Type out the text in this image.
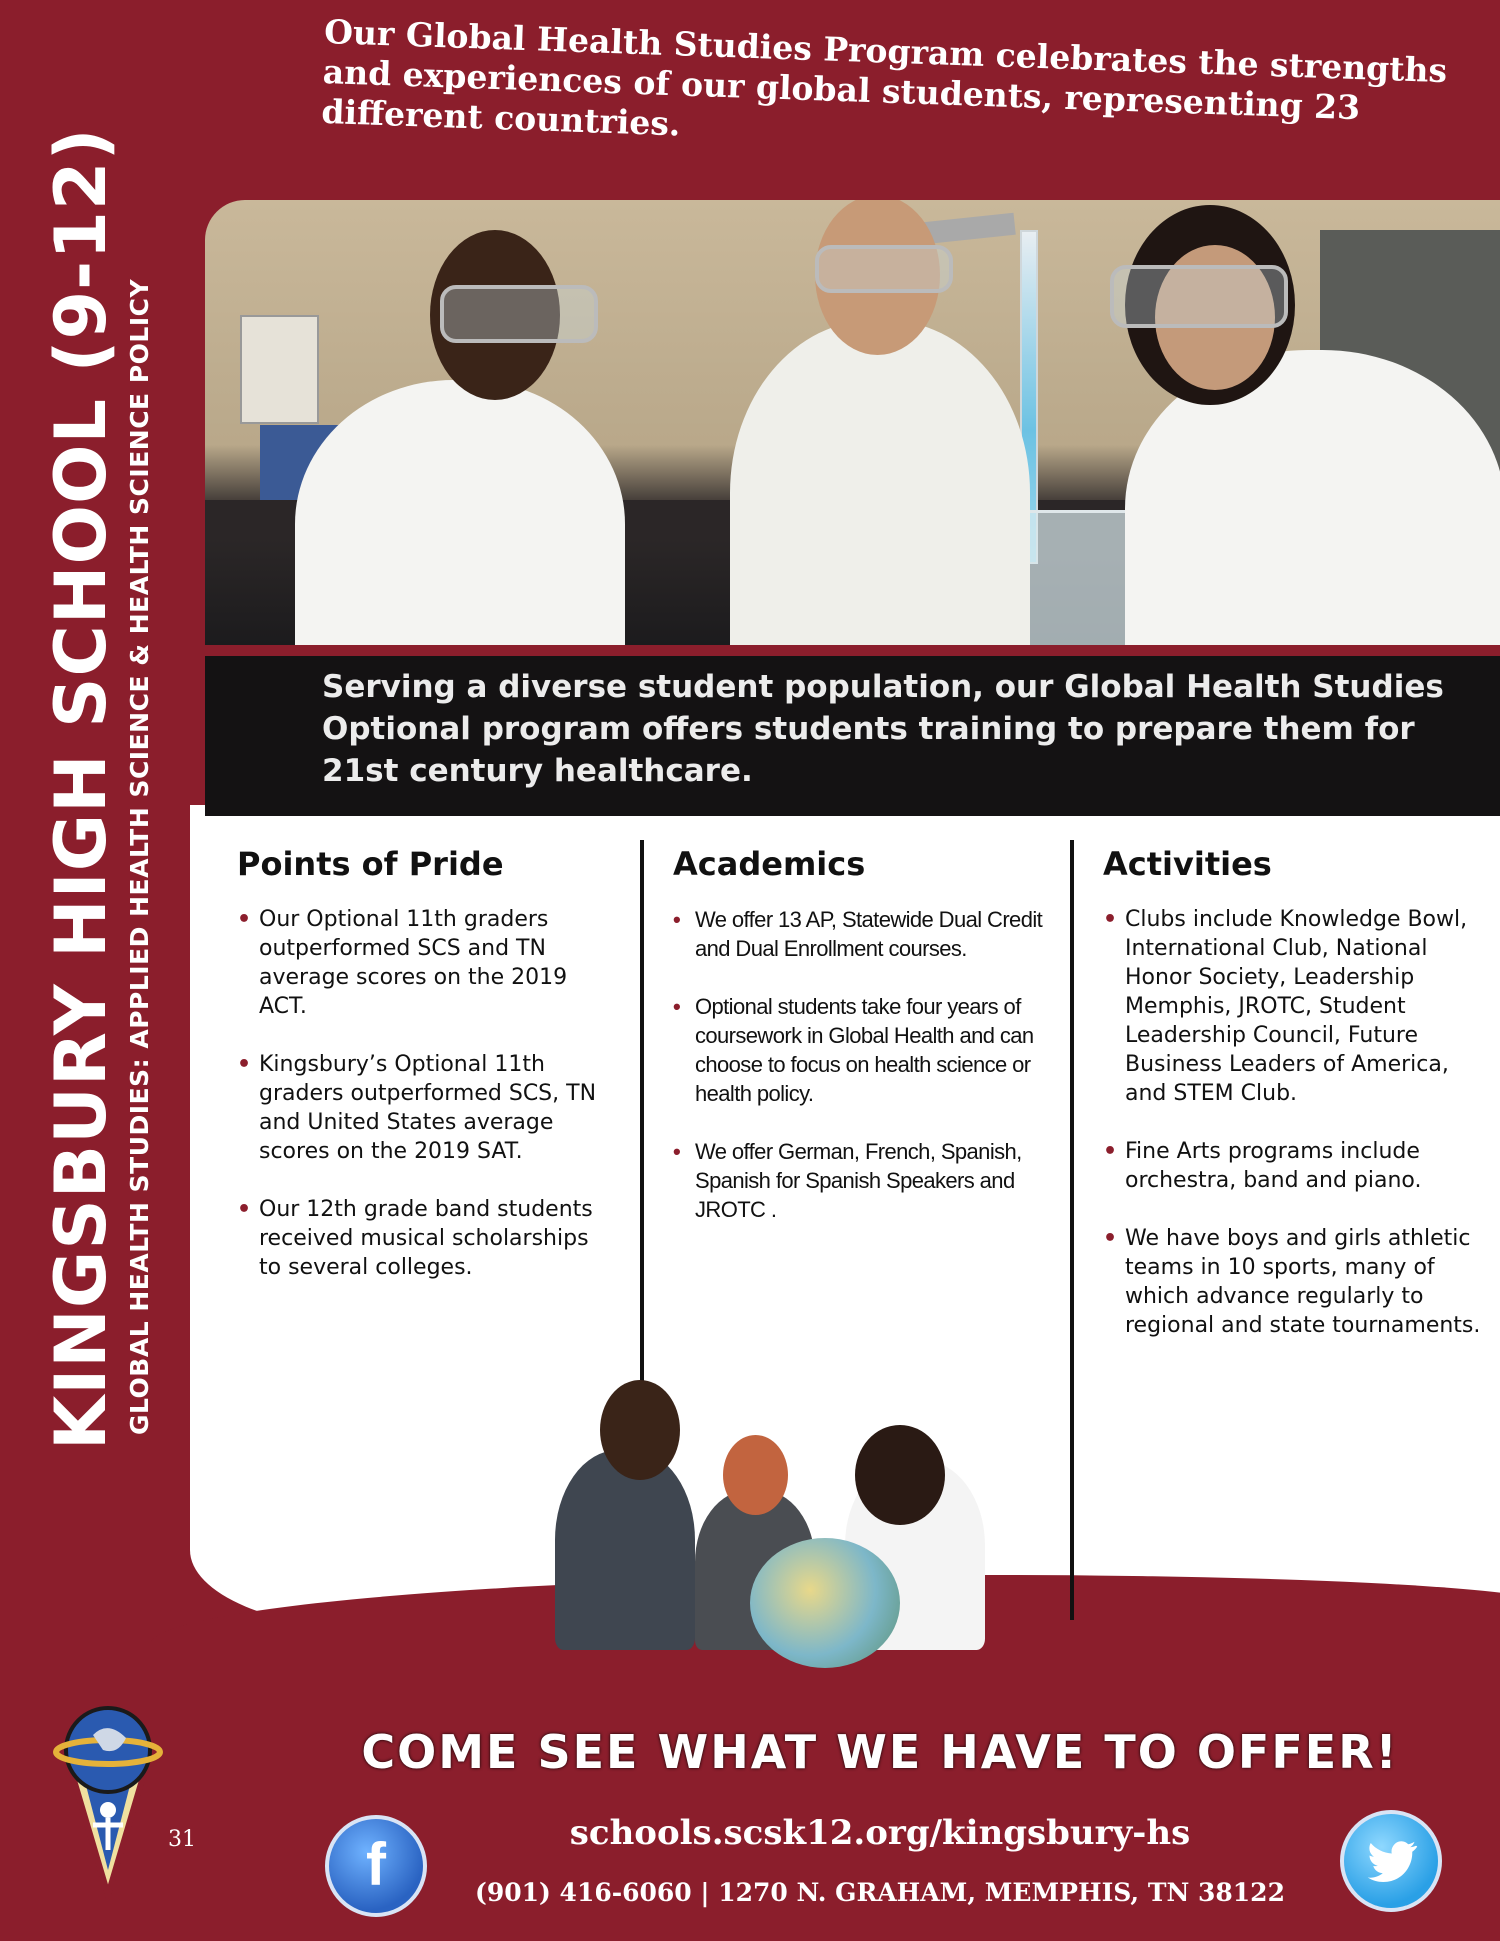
Our Global Health Studies Program celebrates the strengths and experiences of our global students, representing 23 different countries.
Serving a diverse student population, our Global Health Studies Optional program offers students training to prepare them for 21st century healthcare.
KINGSBURY HIGH SCHOOL (9-12) GLOBAL HEALTH STUDIES: APPLIED HEALTH SCIENCE & HEALTH SCIENCE POLICY	Points of Pride
• Our Optional 11th graders outperformed SCS and TN average scores on the 2019 ACT.
• Kingsbury’s Optional 11th graders outperformed SCS, TN and United States average scores on the 2019 SAT.
• Our 12th grade band students received musical scholarships to several colleges.
Academics
• We offer 13 AP, Statewide Dual Credit and Dual Enrollment courses.
• Optional students take four years of coursework in Global Health and can choose to focus on health science or health policy.
• We offer German, French, Spanish, Spanish for Spanish Speakers and JROTC .
Activities
• Clubs include Knowledge Bowl, International Club, National Honor Society, Leadership Memphis, JROTC, Student Leadership Council, Future Business Leaders of America, and STEM Club.
• Fine Arts programs include orchestra, band and piano.
• We have boys and girls athletic teams in 10 sports, many of which advance regularly to regional and state tournaments.
31
COME SEE WHAT WE HAVE TO OFFER!
schools.scsk12.org/kingsbury-hs
(901) 416-6060 | 1270 N. GRAHAM, MEMPHIS, TN 38122
f
